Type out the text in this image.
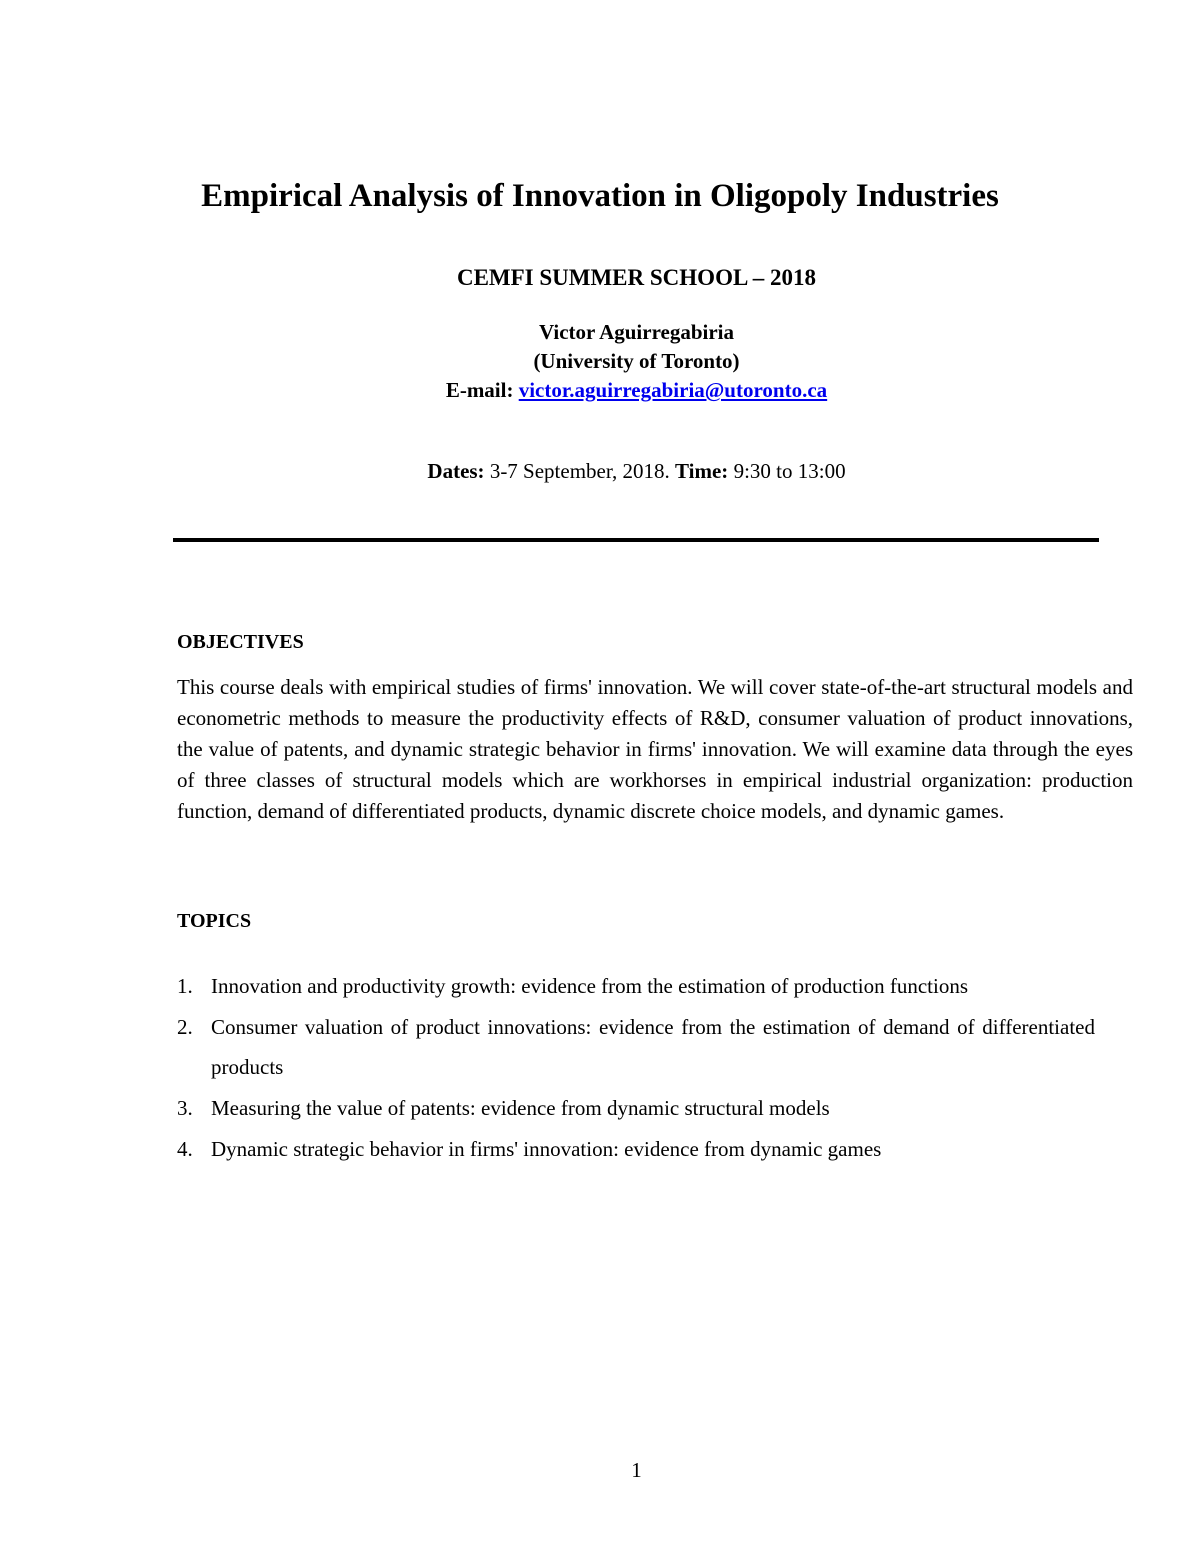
Empirical Analysis of Innovation in Oligopoly Industries
CEMFI SUMMER SCHOOL – 2018
Victor Aguirregabiria
(University of Toronto)
E-mail: victor.aguirregabiria@utoronto.ca
Dates: 3-7 September, 2018. Time: 9:30 to 13:00
OBJECTIVES

This course deals with empirical studies of firms' innovation. We will cover state-of-the-art structural models and econometric methods to measure the productivity effects of R&D, consumer valuation of product innovations, the value of patents, and dynamic strategic behavior in firms' innovation. We will examine data through the eyes of three classes of structural models which are workhorses in empirical industrial organization: production function, demand of differentiated products, dynamic discrete choice models, and dynamic games.

TOPICS
1. Innovation and productivity growth: evidence from the estimation of production functions
2. Consumer valuation of product innovations: evidence from the estimation of demand of differentiated products
3. Measuring the value of patents: evidence from dynamic structural models
4. Dynamic strategic behavior in firms' innovation: evidence from dynamic games
1
